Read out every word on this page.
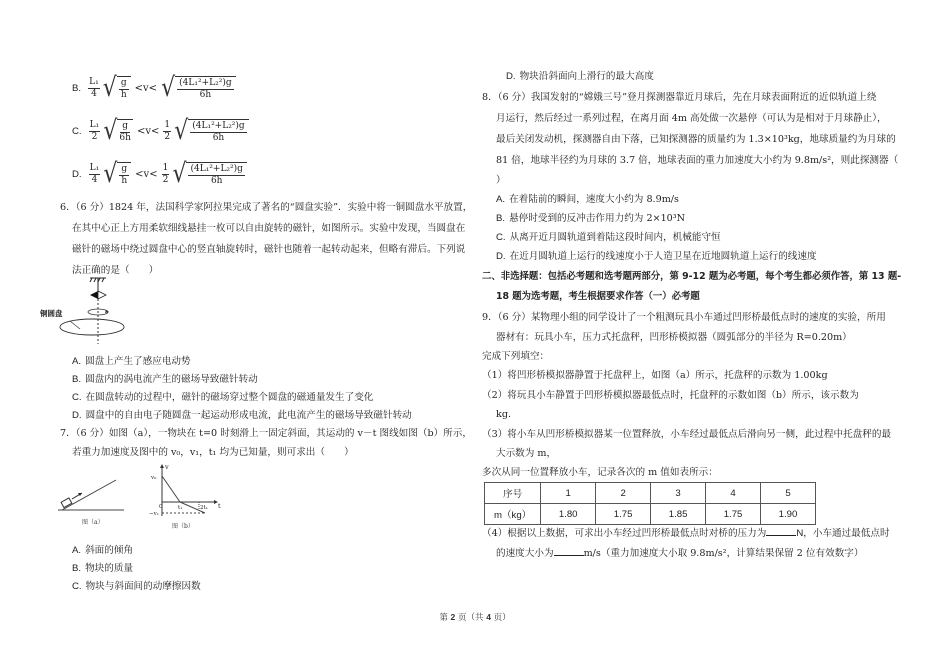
B. $\frac{\text{L₁}}{4}$
√ g
h
<v< √ (4L₁²+L₂²)g
6h
C. $\frac{\text{L₁}}{2}$
√ g
6h
$<v< \frac{1}{2}$
√ (4L₁²+L₂²)g
6h
D. $\frac{\text{L₁}}{4}$
√ g
h
$<v< \frac{1}{2}$
√ (4L₁²+L₂²)g
6h
6．（6 分）1824 年，法国科学家阿拉果完成了著名的“圆盘实验”．实验中将一铜圆盘水平放置，
在其中心正上方用柔软细线悬挂一枚可以自由旋转的磁针，如图所示。实验中发现，当圆盘在
磁针的磁场中绕过圆盘中心的竖直轴旋转时，磁针也随着一起转动起来，但略有滞后。下列说
法正确的是（　　）
铜圆盘
A. 圆盘上产生了感应电动势
B. 圆盘内的涡电流产生的磁场导致磁针转动
C. 在圆盘转动的过程中，磁针的磁场穿过整个圆盘的磁通量发生了变化
D. 圆盘中的自由电子随圆盘一起运动形成电流，此电流产生的磁场导致磁针转动
7．（6 分）如图（a），一物块在 t=0 时刻滑上一固定斜面，其运动的 v－t 图线如图（b）所示，
若重力加速度及图中的 v₀，v₁，t₁ 均为已知量，则可求出（　　）
图（a）
v
t
v₀
0
−v₁
t₁	2t₁
图（b）
A. 斜面的倾角
B. 物块的质量
C. 物块与斜面间的动摩擦因数
D. 物块沿斜面向上滑行的最大高度
8．（6 分）我国发射的“嫦娥三号”登月探测器靠近月球后，先在月球表面附近的近似轨道上绕
月运行，然后经过一系列过程，在离月面 4m 高处做一次悬停（可认为是相对于月球静止），
最后关闭发动机，探测器自由下落，已知探测器的质量约为 1.3×10³kg，地球质量约为月球的
81 倍，地球半径约为月球的 3.7 倍，地球表面的重力加速度大小约为 9.8m/s²，则此探测器（
）
A. 在着陆前的瞬间，速度大小约为 8.9m/s
B. 悬停时受到的反冲击作用力约为 2×10³N
C. 从离开近月圆轨道到着陆这段时间内，机械能守恒
D. 在近月圆轨道上运行的线速度小于人造卫星在近地圆轨道上运行的线速度
二、非选择题：包括必考题和选考题两部分，第 9-12 题为必考题，每个考生都必须作答，第 13 题-
18 题为选考题，考生根据要求作答（一）必考题
9．（6 分）某物理小组的同学设计了一个粗测玩具小车通过凹形桥最低点时的速度的实验，所用
器材有：玩具小车，压力式托盘秤，凹形桥模拟器（圆弧部分的半径为 R=0.20m）
完成下列填空：
（1）将凹形桥模拟器静置于托盘秤上，如图（a）所示，托盘秤的示数为 1.00kg
（2）将玩具小车静置于凹形桥模拟器最低点时，托盘秤的示数如图（b）所示，该示数为
kg.
（3）将小车从凹形桥模拟器某一位置释放，小车经过最低点后滑向另一侧，此过程中托盘秤的最
大示数为 m，
多次从同一位置释放小车，记录各次的 m 值如表所示：
序号	1	2	3	4	5
m（kg）	1.80	1.75	1.85	1.75	1.90
（4）根据以上数据，可求出小车经过凹形桥最低点时对桥的压力为	N，小车通过最低点时
的速度大小为	m/s（重力加速度大小取 9.8m/s²，计算结果保留 2 位有效数字）
第 2 页（共 4 页）
